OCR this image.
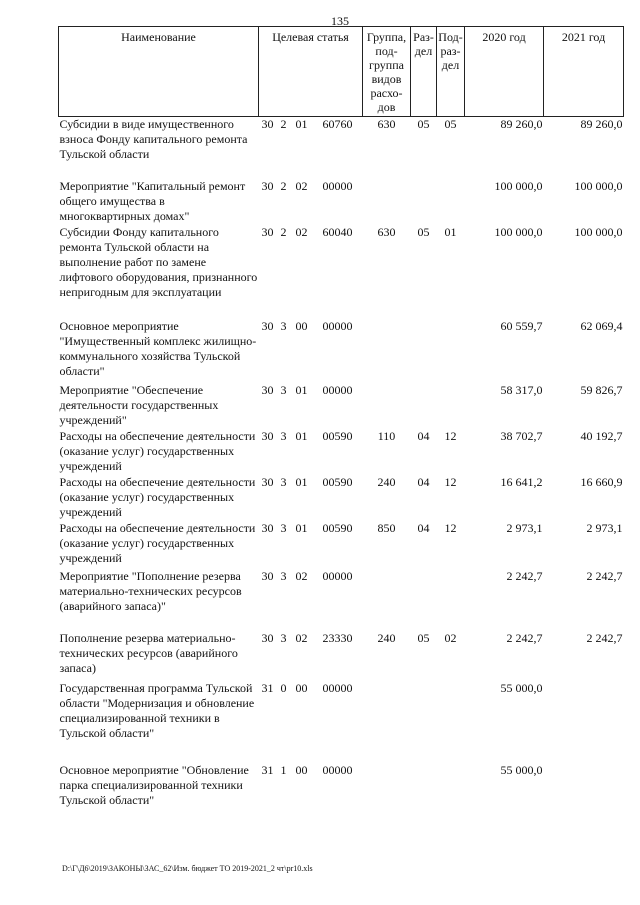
135
Наименование	Целевая статья				Группа, под-группа видов расхо-дов	Раз-дел	Под-раз-дел	2020 год	2021 год
Субсидии в виде имущественного взноса Фонду капитального ремонта Тульской области	30	2	01	60760	630	05	05	89 260,0	89 260,0
Мероприятие "Капитальный ремонт общего имущества в многоквартирных домах"	30	2	02	00000				100 000,0	100 000,0
Субсидии Фонду капитального ремонта Тульской области на выполнение работ по замене лифтового оборудования, признанного непригодным для эксплуатации	30	2	02	60040	630	05	01	100 000,0	100 000,0
Основное мероприятие "Имущественный комплекс жилищно-коммунального хозяйства Тульской области"	30	3	00	00000				60 559,7	62 069,4
Мероприятие "Обеспечение деятельности государственных учреждений"	30	3	01	00000				58 317,0	59 826,7
Расходы на обеспечение деятельности (оказание услуг) государственных учреждений	30	3	01	00590	110	04	12	38 702,7	40 192,7
Расходы на обеспечение деятельности (оказание услуг) государственных учреждений	30	3	01	00590	240	04	12	16 641,2	16 660,9
Расходы на обеспечение деятельности (оказание услуг) государственных учреждений	30	3	01	00590	850	04	12	2 973,1	2 973,1
Мероприятие "Пополнение резерва материально-технических ресурсов (аварийного запаса)"	30	3	02	00000				2 242,7	2 242,7
Пополнение резерва материально-технических ресурсов (аварийного запаса)	30	3	02	23330	240	05	02	2 242,7	2 242,7
Государственная программа Тульской области "Модернизация и обновление специализированной техники в Тульской области"	31	0	00	00000				55 000,0	
Основное мероприятие "Обновление парка специализированной техники Тульской области"	31	1	00	00000				55 000,0	
D:\Г\Д6\2019\ЗАКОНЫ\ЗАС_62\Изм. бюджет ТО 2019-2021_2 чт\pr10.xls
